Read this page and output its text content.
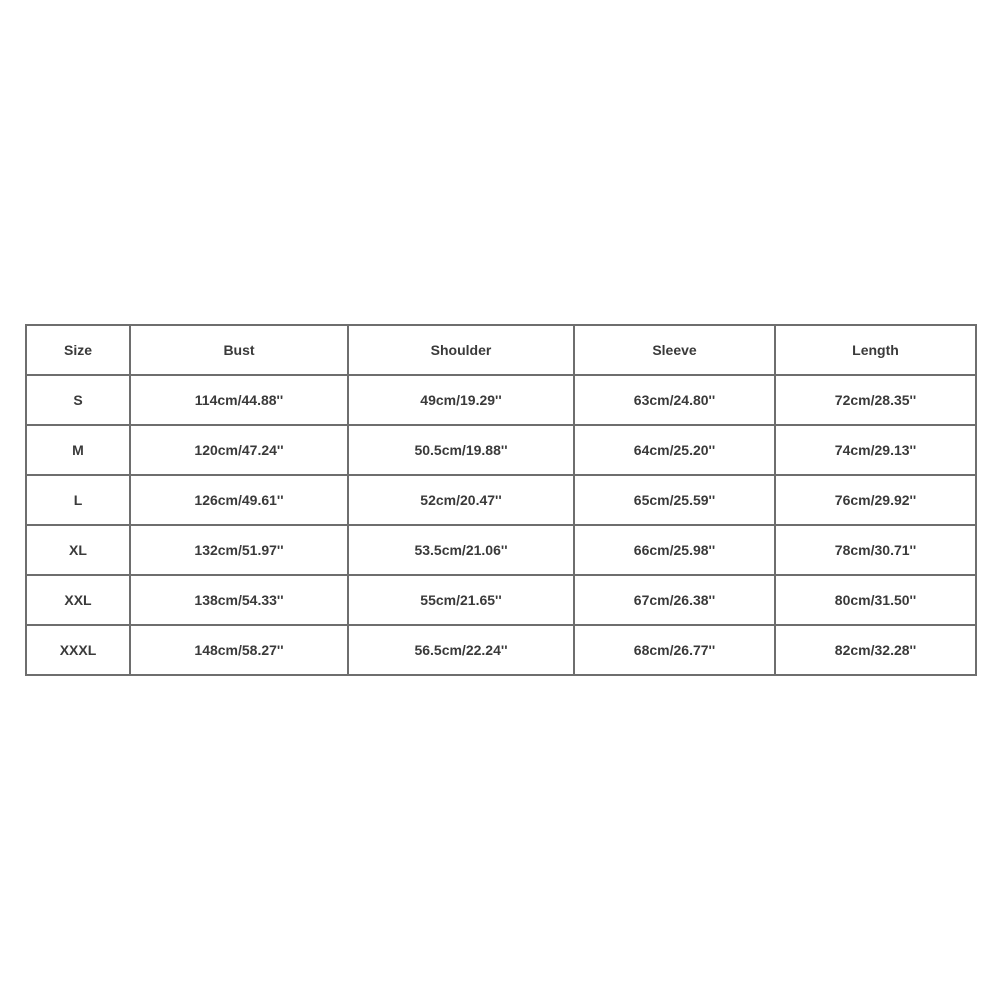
Size	Bust	Shoulder	Sleeve	Length
S	114cm/44.88''	49cm/19.29''	63cm/24.80''	72cm/28.35''
M	120cm/47.24''	50.5cm/19.88''	64cm/25.20''	74cm/29.13''
L	126cm/49.61''	52cm/20.47''	65cm/25.59''	76cm/29.92''
XL	132cm/51.97''	53.5cm/21.06''	66cm/25.98''	78cm/30.71''
XXL	138cm/54.33''	55cm/21.65''	67cm/26.38''	80cm/31.50''
XXXL	148cm/58.27''	56.5cm/22.24''	68cm/26.77''	82cm/32.28''
